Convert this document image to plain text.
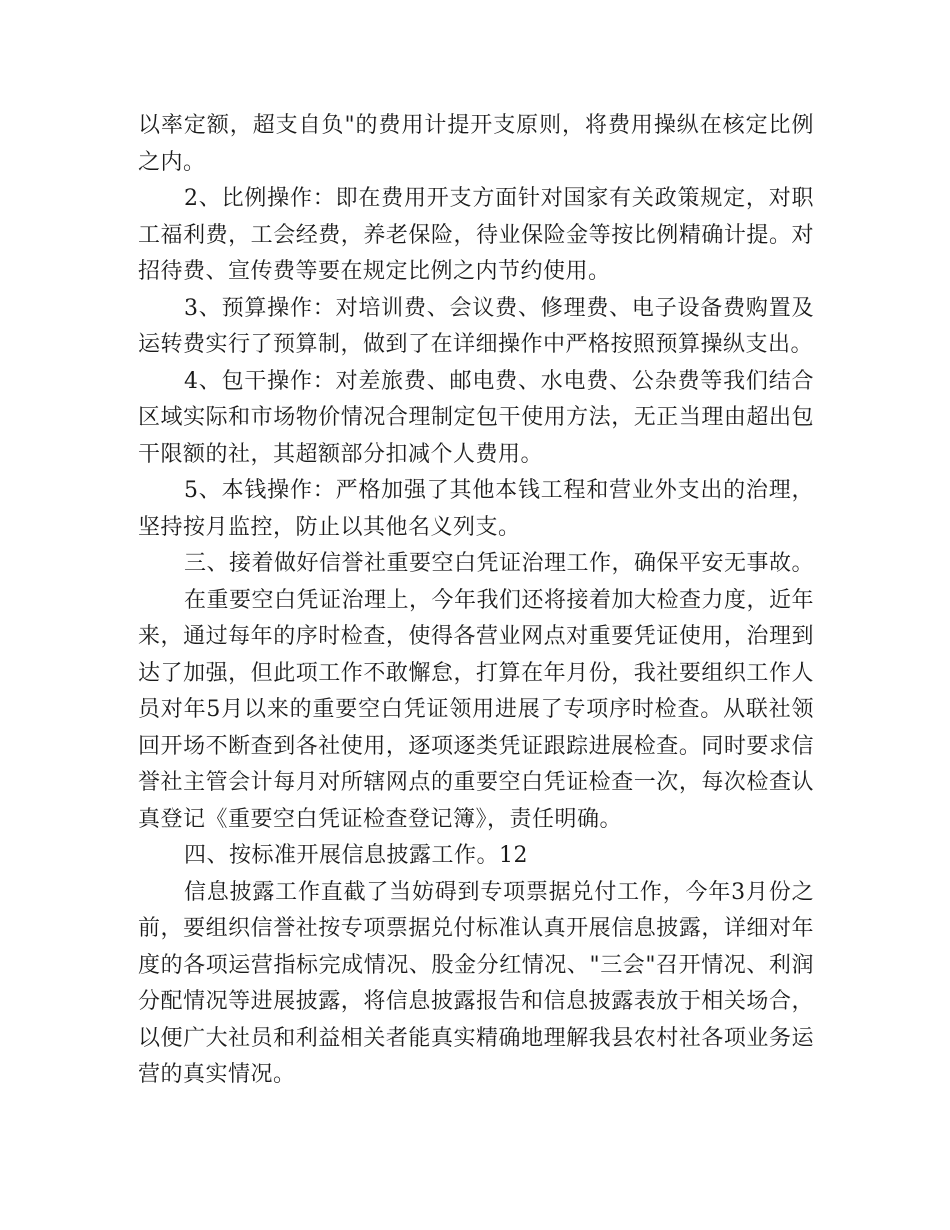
以率定额，超支自负"的费用计提开支原则，将费用操纵在核定比例之内。

2、比例操作：即在费用开支方面针对国家有关政策规定，对职工福利费，工会经费，养老保险，待业保险金等按比例精确计提。对招待费、宣传费等要在规定比例之内节约使用。

3、预算操作：对培训费、会议费、修理费、电子设备费购置及运转费实行了预算制，做到了在详细操作中严格按照预算操纵支出。

4、包干操作：对差旅费、邮电费、水电费、公杂费等我们结合区域实际和市场物价情况合理制定包干使用方法，无正当理由超出包干限额的社，其超额部分扣减个人费用。

5、本钱操作：严格加强了其他本钱工程和营业外支出的治理，坚持按月监控，防止以其他名义列支。

三、接着做好信誉社重要空白凭证治理工作，确保平安无事故。

在重要空白凭证治理上，今年我们还将接着加大检查力度，近年来，通过每年的序时检查，使得各营业网点对重要凭证使用，治理到达了加强，但此项工作不敢懈怠，打算在年月份，我社要组织工作人员对年5月以来的重要空白凭证领用进展了专项序时检查。从联社领回开场不断查到各社使用，逐项逐类凭证跟踪进展检查。同时要求信誉社主管会计每月对所辖网点的重要空白凭证检查一次，每次检查认真登记《重要空白凭证检查登记簿》，责任明确。

四、按标准开展信息披露工作。12

信息披露工作直截了当妨碍到专项票据兑付工作，今年3月份之前，要组织信誉社按专项票据兑付标准认真开展信息披露，详细对年度的各项运营指标完成情况、股金分红情况、"三会"召开情况、利润分配情况等进展披露，将信息披露报告和信息披露表放于相关场合，以便广大社员和利益相关者能真实精确地理解我县农村社各项业务运营的真实情况。
